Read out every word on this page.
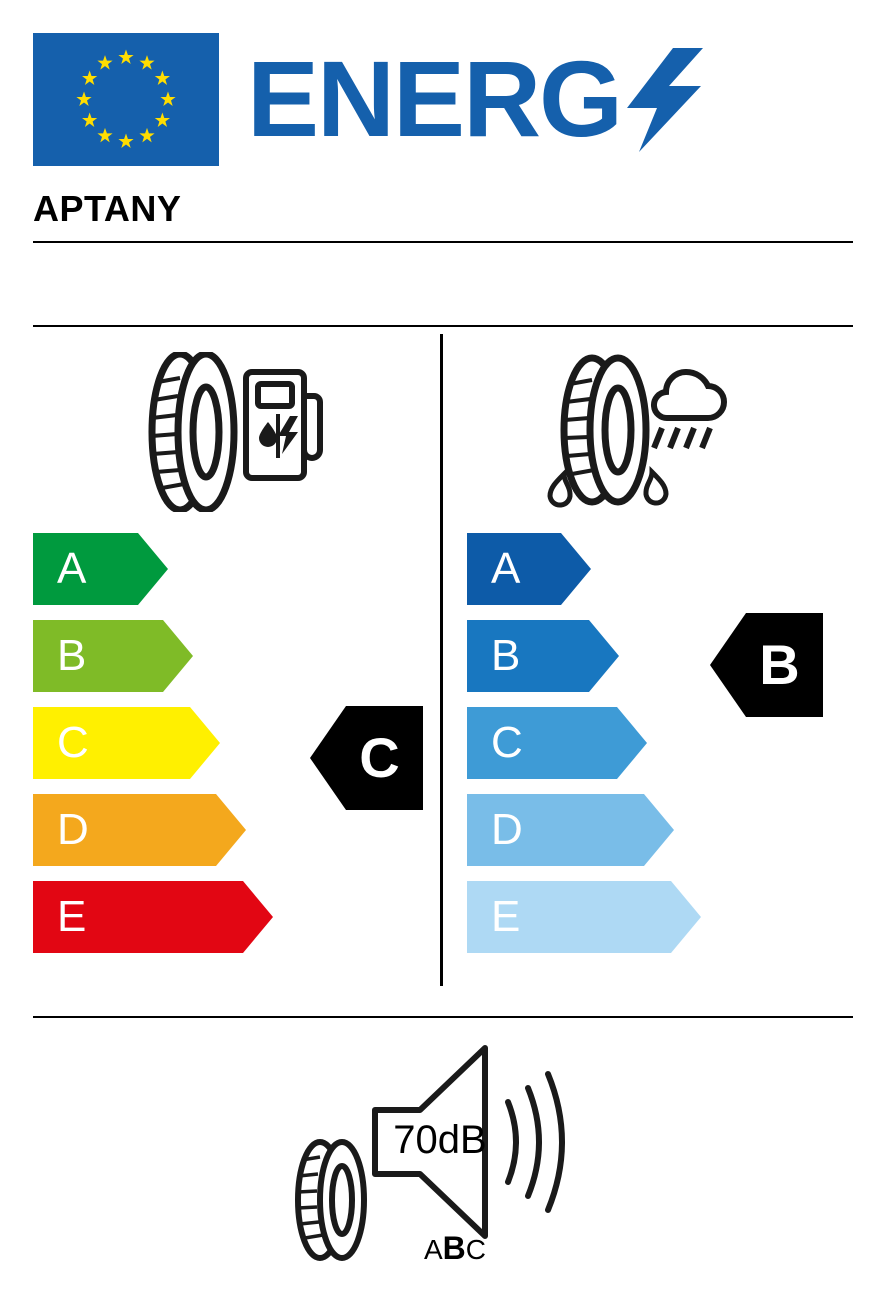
ENERG
APTANY
A
B
C
D
E
C
A
B
C
D
E
B
70dB
ABC
